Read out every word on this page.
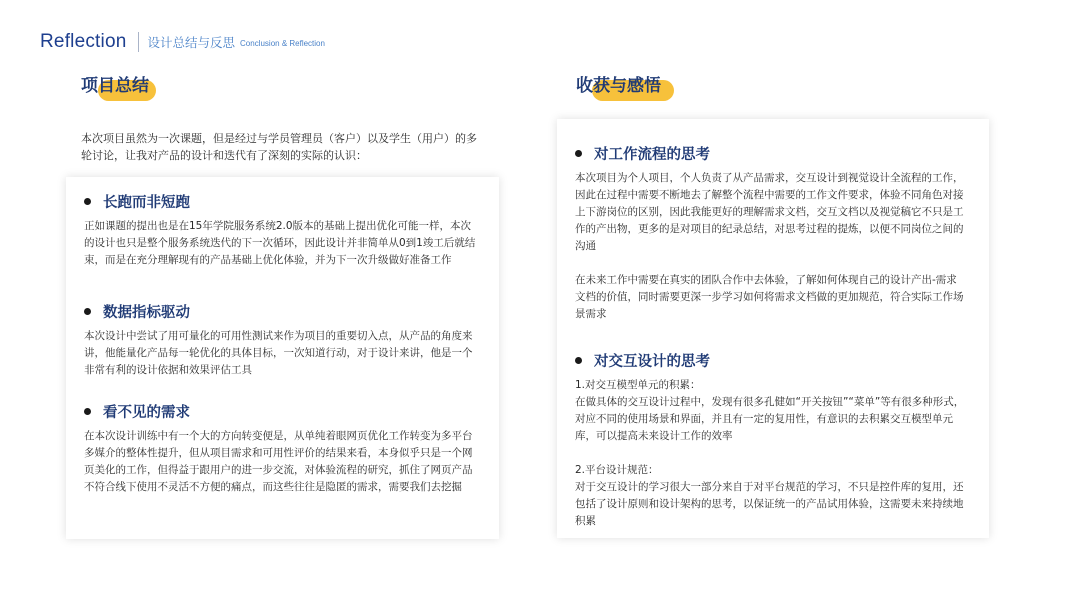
Reflection 设计总结与反思 Conclusion & Reflection
项目总结
本次项目虽然为一次课题，但是经过与学员管理员（客户）以及学生（用户）的多轮讨论，让我对产品的设计和迭代有了深刻的实际的认识：
长跑而非短跑
正如课题的提出也是在15年学院服务系统2.0版本的基础上提出优化可能一样，本次的设计也只是整个服务系统迭代的下一次循环，因此设计并非简单从0到1竣工后就结束，而是在充分理解现有的产品基础上优化体验，并为下一次升级做好准备工作
数据指标驱动
本次设计中尝试了用可量化的可用性测试来作为项目的重要切入点，从产品的角度来讲，他能量化产品每一轮优化的具体目标，一次知道行动，对于设计来讲，他是一个非常有利的设计依据和效果评估工具
看不见的需求
在本次设计训练中有一个大的方向转变便是，从单纯着眼网页优化工作转变为多平台多媒介的整体性提升，但从项目需求和可用性评价的结果来看，本身似乎只是一个网页美化的工作，但得益于跟用户的进一步交流，对体验流程的研究，抓住了网页产品不符合线下使用不灵活不方便的痛点，而这些往往是隐匿的需求，需要我们去挖掘
收获与感悟
对工作流程的思考
本次项目为个人项目，个人负责了从产品需求，交互设计到视觉设计全流程的工作，因此在过程中需要不断地去了解整个流程中需要的工作文件要求，体验不同角色对接上下游岗位的区别，因此我能更好的理解需求文档，交互文档以及视觉稿它不只是工作的产出物，更多的是对项目的纪录总结，对思考过程的提炼，以便不同岗位之间的沟通
在未来工作中需要在真实的团队合作中去体验，了解如何体现自己的设计产出-需求文档的价值，同时需要更深一步学习如何将需求文档做的更加规范，符合实际工作场景需求
对交互设计的思考
1.对交互模型单元的积累：
在做具体的交互设计过程中，发现有很多孔健如“开关按钮”“菜单”等有很多种形式，对应不同的使用场景和界面，并且有一定的复用性，有意识的去积累交互模型单元库，可以提高未来设计工作的效率
2.平台设计规范：
对于交互设计的学习很大一部分来自于对平台规范的学习，不只是控件库的复用，还包括了设计原则和设计架构的思考，以保证统一的产品试用体验，这需要未来持续地积累
